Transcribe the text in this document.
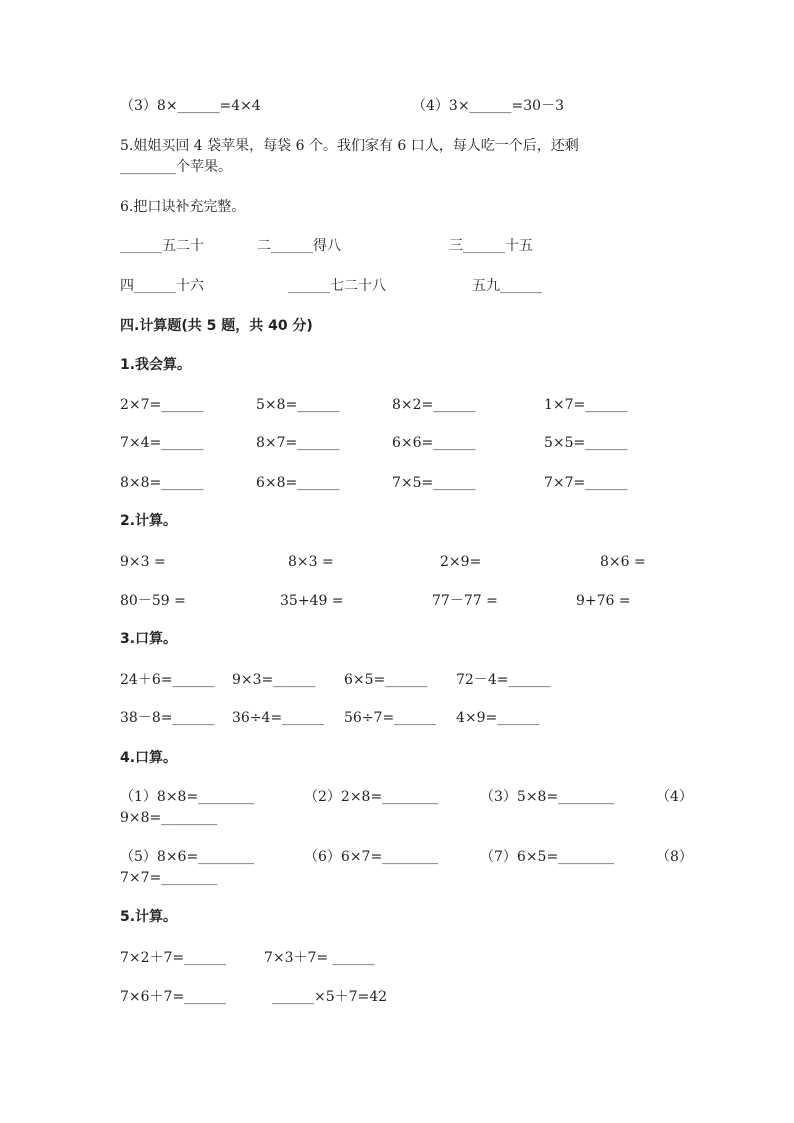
（3）8×______=4×4	（4）3×______=30－3
5.姐姐买回 4 袋苹果，每袋 6 个。我们家有 6 口人，每人吃一个后，还剩
________个苹果。
6.把口诀补充完整。
______五二十	二______得八	三______十五
四______十六	______七二十八	五九______
四.计算题(共 5 题，共 40 分)
1.我会算。
2×7=______	5×8=______	8×2=______	1×7=______
7×4=______	8×7=______	6×6=______	5×5=______
8×8=______	6×8=______	7×5=______	7×7=______
2.计算。
9×3 =	8×3 =	2×9=	8×6 =
80－59 =	35+49 =	77－77 =	9+76 =
3.口算。
24＋6=______ 9×3=______ 6×5=______ 72－4=______
38－8=______ 36÷4=______ 56÷7=______ 4×9=______
4.口算。
（1）8×8=________	（2）2×8=________	（3）5×8=________	（4）
9×8=________
（5）8×6=________	（6）6×7=________	（7）6×5=________	（8）
7×7=________
5.计算。
7×2＋7=______	7×3＋7= ______
7×6＋7=______	______×5＋7=42
